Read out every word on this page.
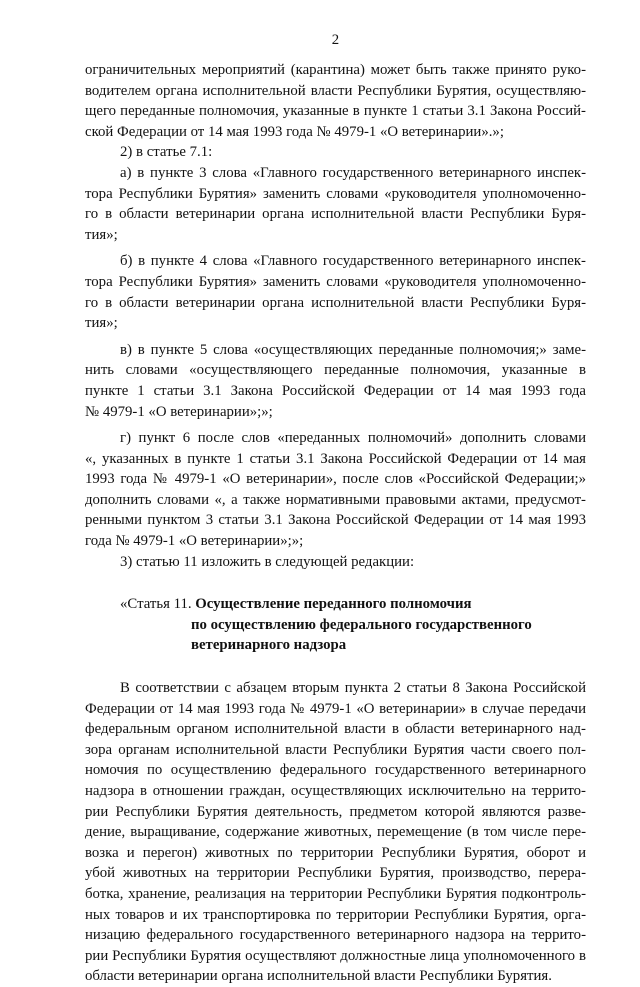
2
ограничительных мероприятий (карантина) может быть также принято руко-
водителем органа исполнительной власти Республики Бурятия, осуществляю-
щего переданные полномочия, указанные в пункте 1 статьи 3.1 Закона Россий-
ской Федерации от 14 мая 1993 года № 4979-1 «О ветеринарии».»;
2) в статье 7.1:
а) в пункте 3 слова «Главного государственного ветеринарного инспек-
тора Республики Бурятия» заменить словами «руководителя уполномоченно-
го в области ветеринарии органа исполнительной власти Республики Буря-
тия»;
б) в пункте 4 слова «Главного государственного ветеринарного инспек-
тора Республики Бурятия» заменить словами «руководителя уполномоченно-
го в области ветеринарии органа исполнительной власти Республики Буря-
тия»;
в) в пункте 5 слова «осуществляющих переданные полномочия;» заме-
нить словами «осуществляющего переданные полномочия, указанные в
пункте 1 статьи 3.1 Закона Российской Федерации от 14 мая 1993 года
№ 4979-1 «О ветеринарии»;»;
г) пункт 6 после слов «переданных полномочий» дополнить словами
«, указанных в пункте 1 статьи 3.1 Закона Российской Федерации от 14 мая
1993 года № 4979-1 «О ветеринарии», после слов «Российской Федерации;»
дополнить словами «, а также нормативными правовыми актами, предусмот-
ренными пунктом 3 статьи 3.1 Закона Российской Федерации от 14 мая 1993
года № 4979-1 «О ветеринарии»;»;
3) статью 11 изложить в следующей редакции:
«Статья 11. Осуществление переданного полномочия
по осуществлению федерального государственного
ветеринарного надзора
В соответствии с абзацем вторым пункта 2 статьи 8 Закона Российской
Федерации от 14 мая 1993 года № 4979-1 «О ветеринарии» в случае передачи
федеральным органом исполнительной власти в области ветеринарного над-
зора органам исполнительной власти Республики Бурятия части своего пол-
номочия по осуществлению федерального государственного ветеринарного
надзора в отношении граждан, осуществляющих исключительно на террито-
рии Республики Бурятия деятельность, предметом которой являются разве-
дение, выращивание, содержание животных, перемещение (в том числе пере-
возка и перегон) животных по территории Республики Бурятия, оборот и
убой животных на территории Республики Бурятия, производство, перера-
ботка, хранение, реализация на территории Республики Бурятия подконтроль-
ных товаров и их транспортировка по территории Республики Бурятия, орга-
низацию федерального государственного ветеринарного надзора на террито-
рии Республики Бурятия осуществляют должностные лица уполномоченного в
области ветеринарии органа исполнительной власти Республики Бурятия.
